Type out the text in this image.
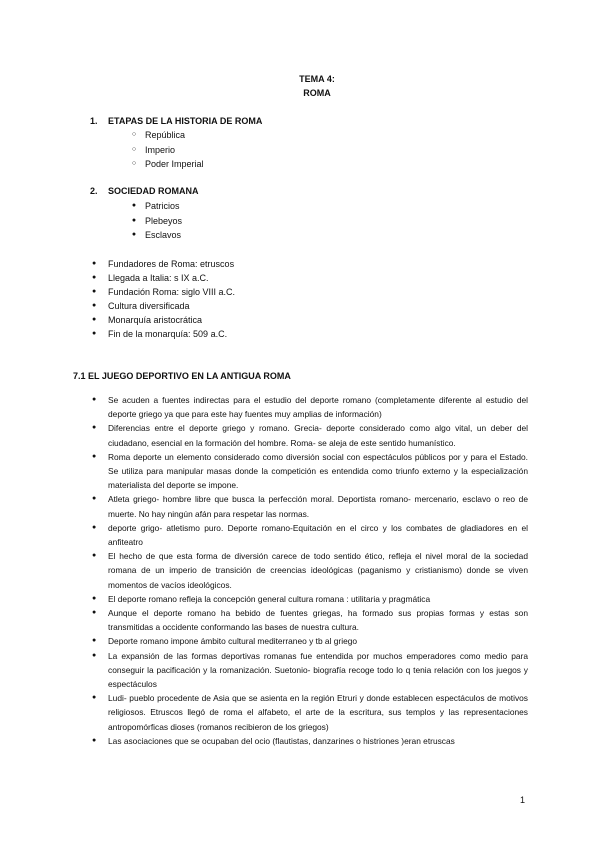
TEMA 4:
ROMA
1. ETAPAS DE LA HISTORIA DE ROMA
○ República
○ Imperio
○ Poder Imperial
2. SOCIEDAD ROMANA
● Patricios
● Plebeyos
● Esclavos
● Fundadores de Roma: etruscos
● Llegada a Italia: s IX a.C.
● Fundación Roma: siglo VIII a.C.
● Cultura diversificada
● Monarquía aristocrática
● Fin de la monarquía: 509 a.C.
7.1 EL JUEGO DEPORTIVO EN LA ANTIGUA ROMA
● Se acuden a fuentes indirectas para el estudio del deporte romano (completamente diferente al estudio del deporte griego ya que para este hay fuentes muy amplias de información)
● Diferencias entre el deporte griego y romano. Grecia- deporte considerado como algo vital, un deber del ciudadano, esencial en la formación del hombre. Roma- se aleja de este sentido humanístico.
● Roma deporte un elemento considerado como diversión social con espectáculos públicos por y para el Estado. Se utiliza para manipular masas donde la competición es entendida como triunfo externo y la especialización materialista del deporte se impone.
● Atleta griego- hombre libre que busca la perfección moral. Deportista romano- mercenario, esclavo o reo de muerte. No hay ningún afán para respetar las normas.
● deporte grigo- atletismo puro. Deporte romano-Equitación en el circo y los combates de gladiadores en el anfiteatro
● El hecho de que esta forma de diversión carece de todo sentido ético, refleja el nivel moral de la sociedad romana de un imperio de transición de creencias ideológicas (paganismo y cristianismo) donde se viven momentos de vacíos ideológicos.
● El deporte romano refleja la concepción general cultura romana : utilitaria y pragmática
● Aunque el deporte romano ha bebido de fuentes griegas, ha formado sus propias formas y estas son transmitidas a occidente conformando las bases de nuestra cultura.
● Deporte romano impone ámbito cultural mediterraneo y tb al griego
● La expansión de las formas deportivas romanas fue entendida por muchos emperadores como medio para conseguir la pacificación y la romanización. Suetonio- biografía recoge todo lo q tenia relación con los juegos y espectáculos
● Ludi- pueblo procedente de Asia que se asienta en la región Etruri y donde establecen espectáculos de motivos religiosos. Etruscos llegó de roma el alfabeto, el arte de la escritura, sus templos y las representaciones antropomórficas dioses (romanos recibieron de los griegos)
● Las asociaciones que se ocupaban del ocio (flautistas, danzarines o histriones )eran etruscas
1
